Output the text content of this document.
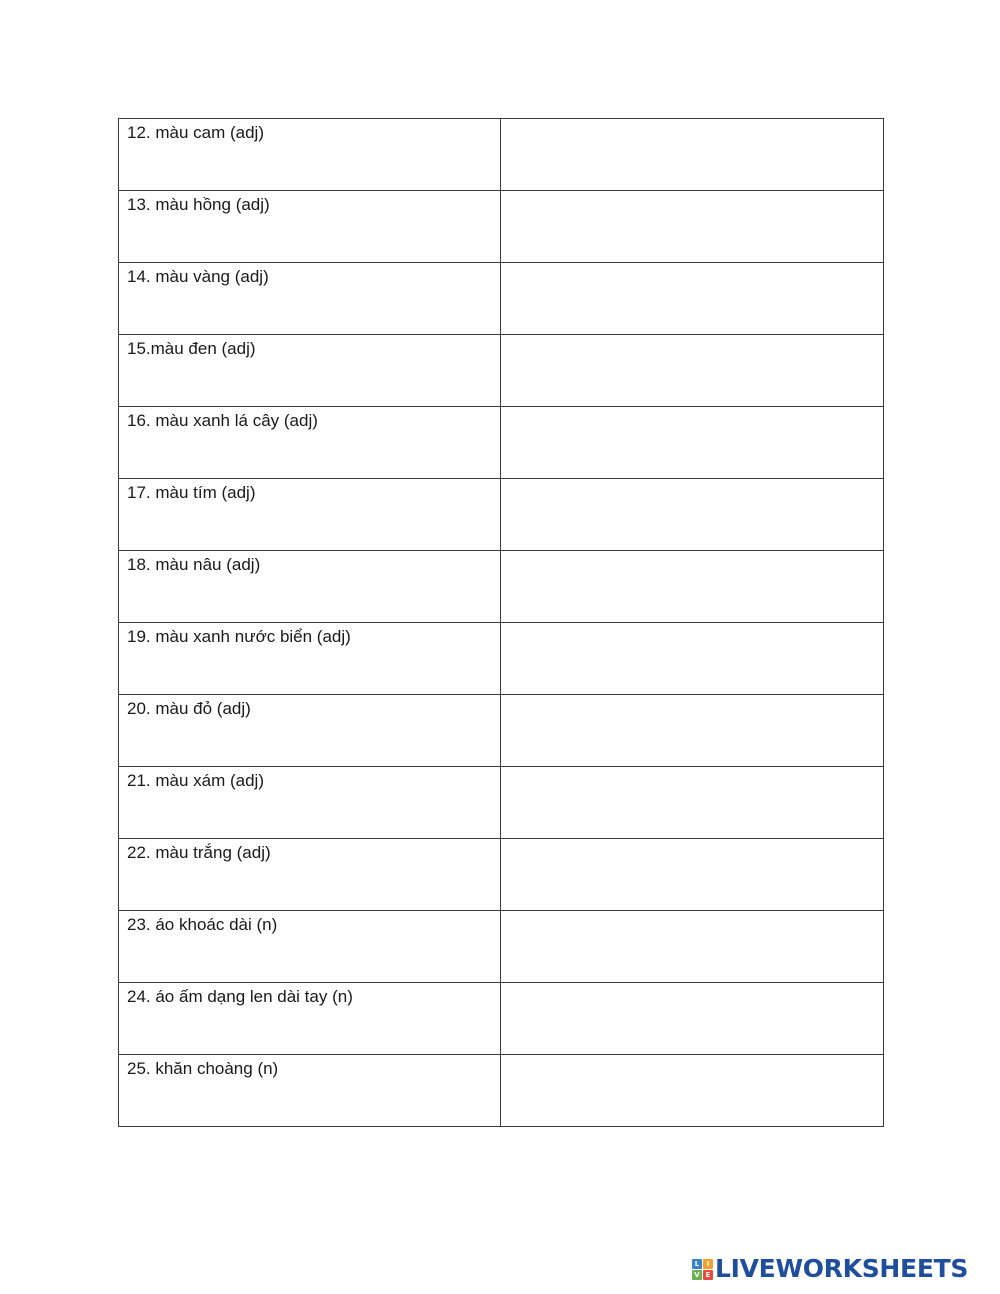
12. màu cam (adj)	

13. màu hồng (adj)	

14. màu vàng (adj)	

15.màu đen (adj)	

16. màu xanh lá cây (adj)	

17. màu tím (adj)	

18. màu nâu (adj)	

19. màu xanh nước biển (adj)	

20. màu đỏ (adj)	

21. màu xám (adj)	

22. màu trắng (adj)	

23. áo khoác dài (n)	

24. áo ấm dạng len dài tay (n)	

25. khăn choàng (n)	
L	I
V E LIVEWORKSHEETS
